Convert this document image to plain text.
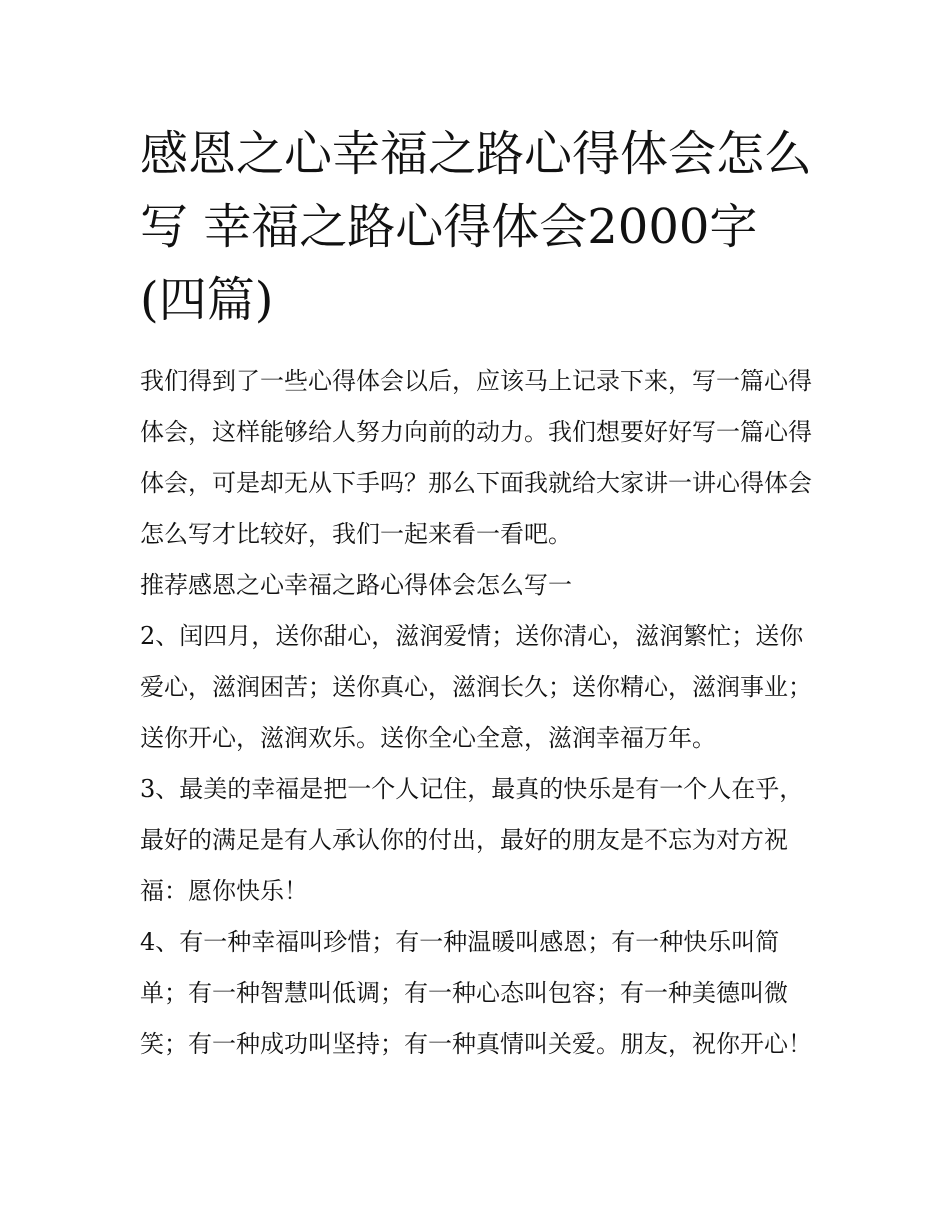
感恩之心幸福之路心得体会怎么写 幸福之路心得体会2000字(四篇)

我们得到了一些心得体会以后，应该马上记录下来，写一篇心得体会，这样能够给人努力向前的动力。我们想要好好写一篇心得体会，可是却无从下手吗？那么下面我就给大家讲一讲心得体会怎么写才比较好，我们一起来看一看吧。

推荐感恩之心幸福之路心得体会怎么写一

2、闰四月，送你甜心，滋润爱情；送你清心，滋润繁忙；送你爱心，滋润困苦；送你真心，滋润长久；送你精心，滋润事业；送你开心，滋润欢乐。送你全心全意，滋润幸福万年。

3、最美的幸福是把一个人记住，最真的快乐是有一个人在乎，最好的满足是有人承认你的付出，最好的朋友是不忘为对方祝福：愿你快乐！

4、有一种幸福叫珍惜；有一种温暖叫感恩；有一种快乐叫简单；有一种智慧叫低调；有一种心态叫包容；有一种美德叫微笑；有一种成功叫坚持；有一种真情叫关爱。朋友，祝你开心！
